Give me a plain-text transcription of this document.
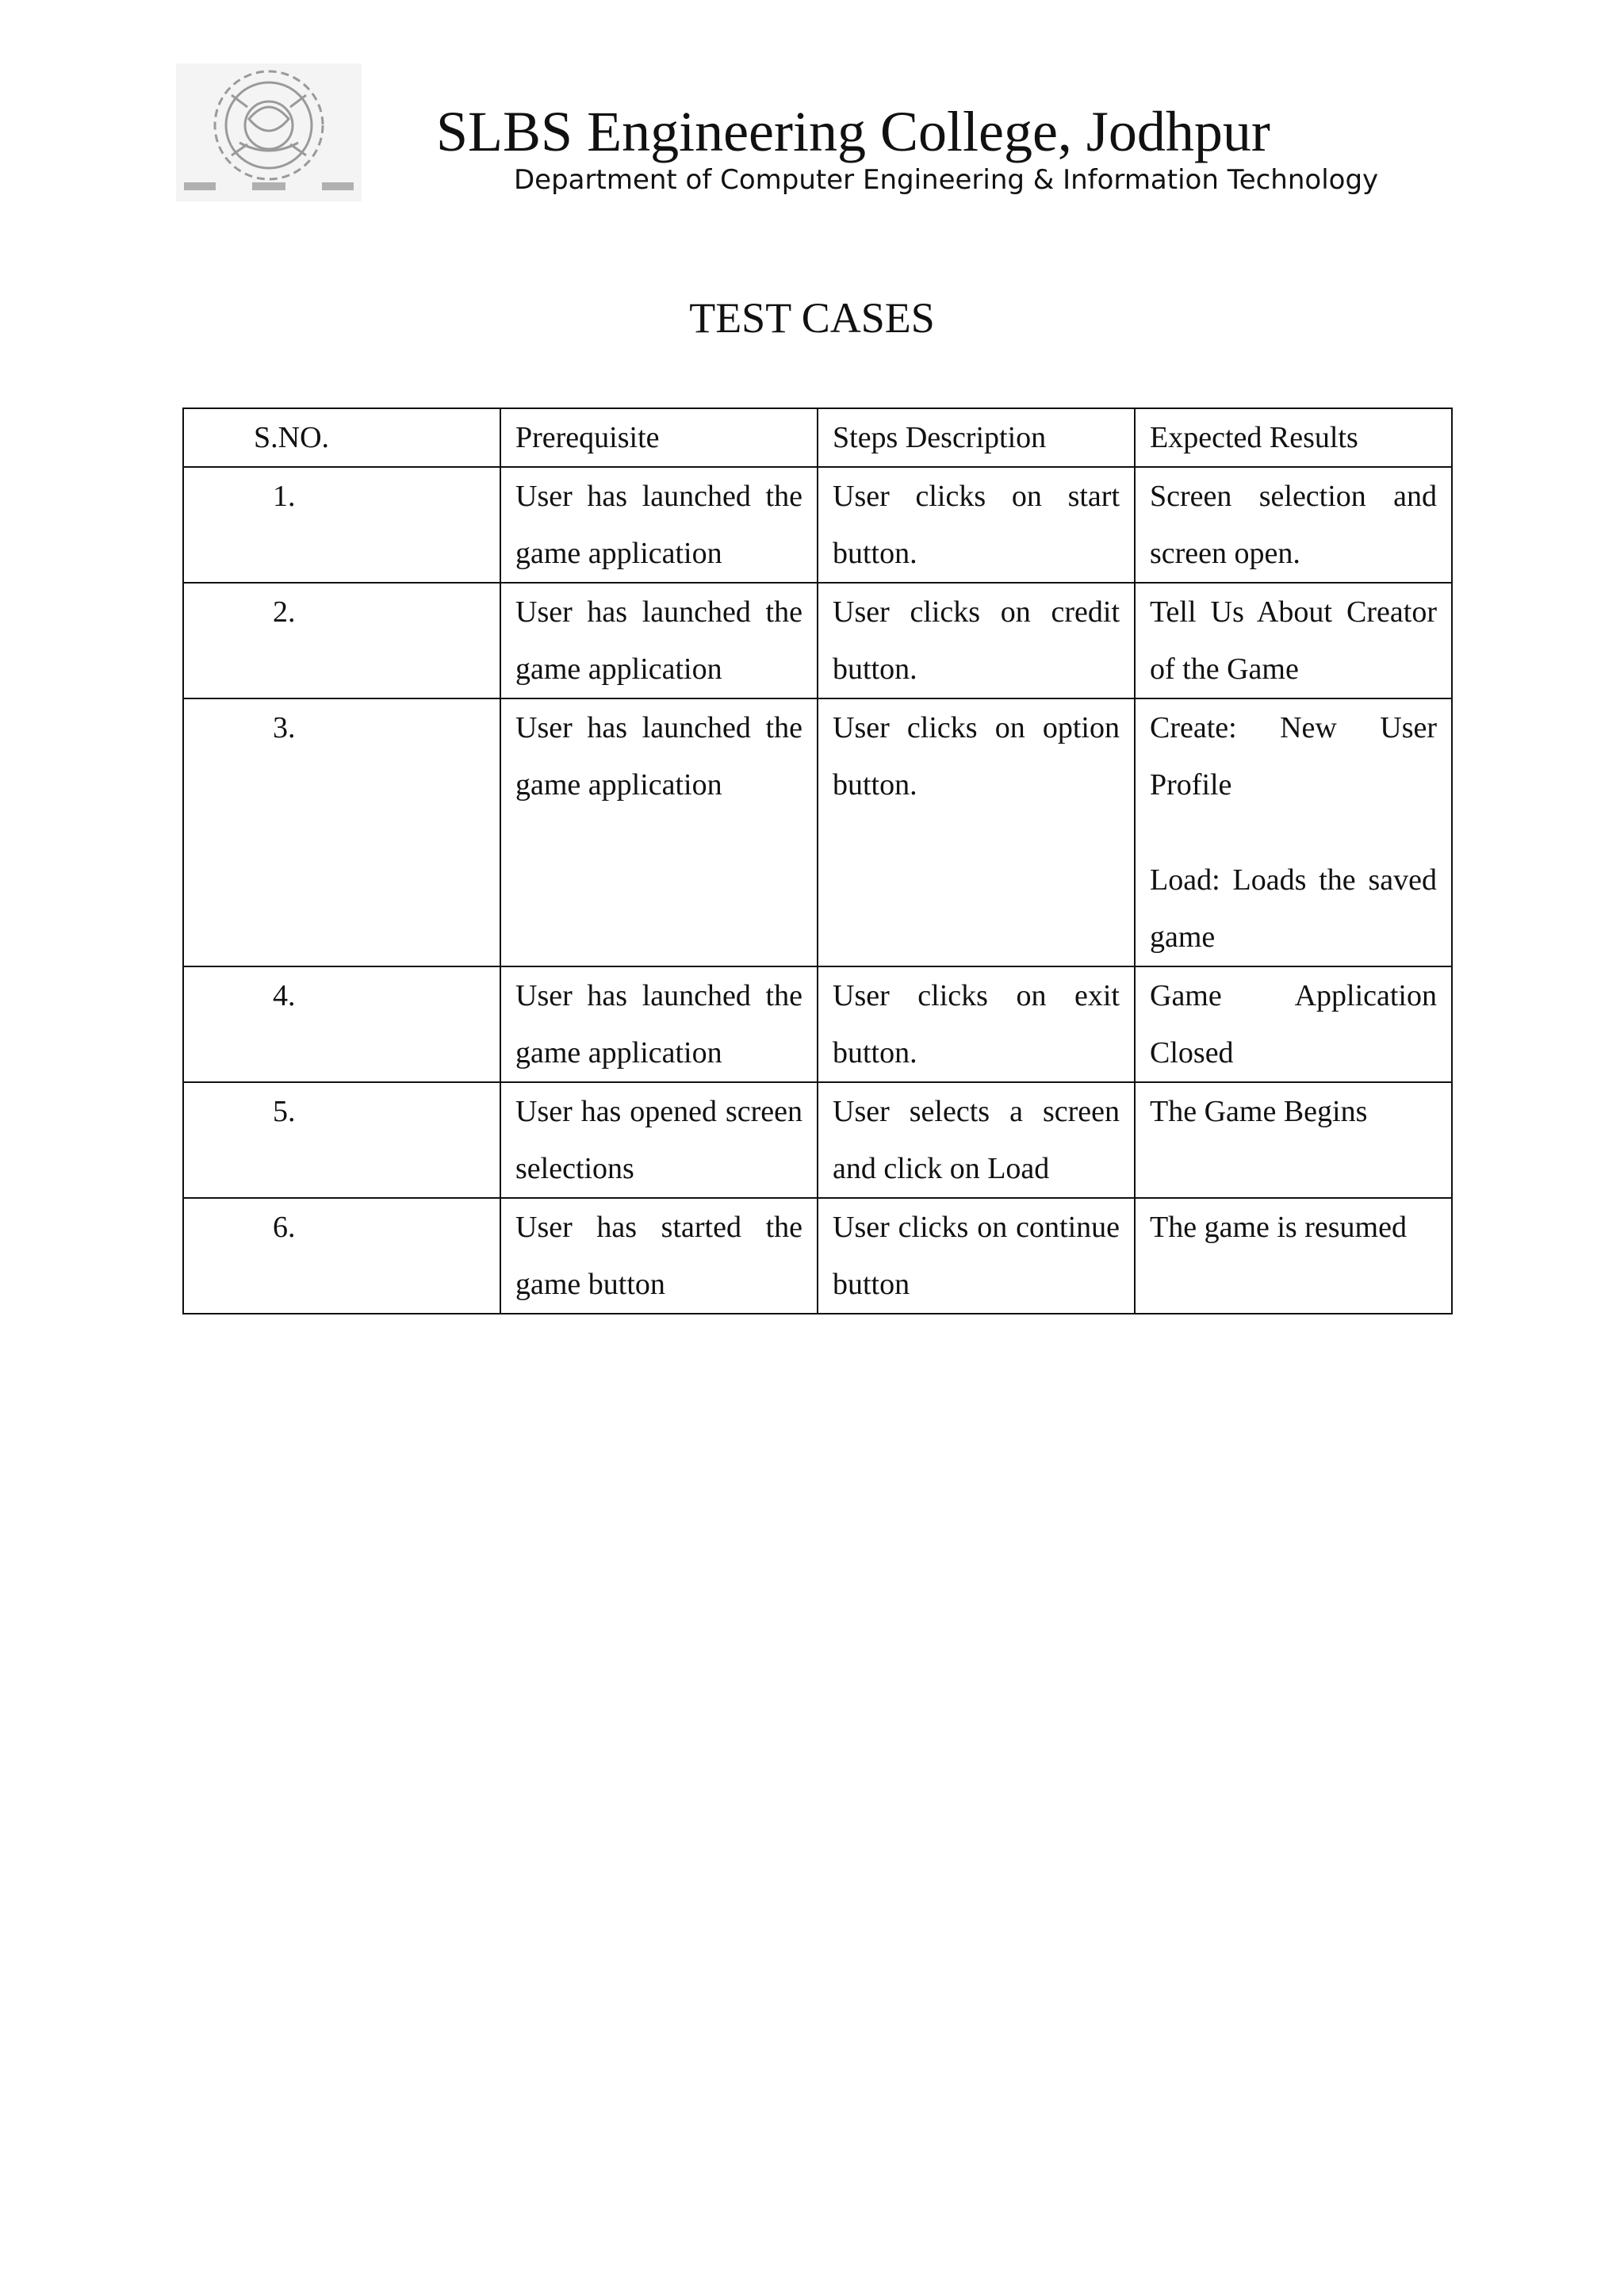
SLBS Engineering College, Jodhpur

Department of Computer Engineering & Information Technology

TEST CASES
S.NO.	Prerequisite	Steps Description	Expected Results
1.	User has launched the game application	User clicks on start button.	Screen selection and screen open.

2.	User has launched the game application	User clicks on credit button.	Tell Us About Creator of the Game

3.	User has launched the game application	User clicks on option button.	Create: New User Profile
Load: Loads the saved game

4.	User has launched the game application	User clicks on exit button.	Game Application Closed

5.	User has opened screen selections	User selects a screen and click on Load	The Game Begins

6.	User has started the game button	User clicks on continue button	The game is resumed
